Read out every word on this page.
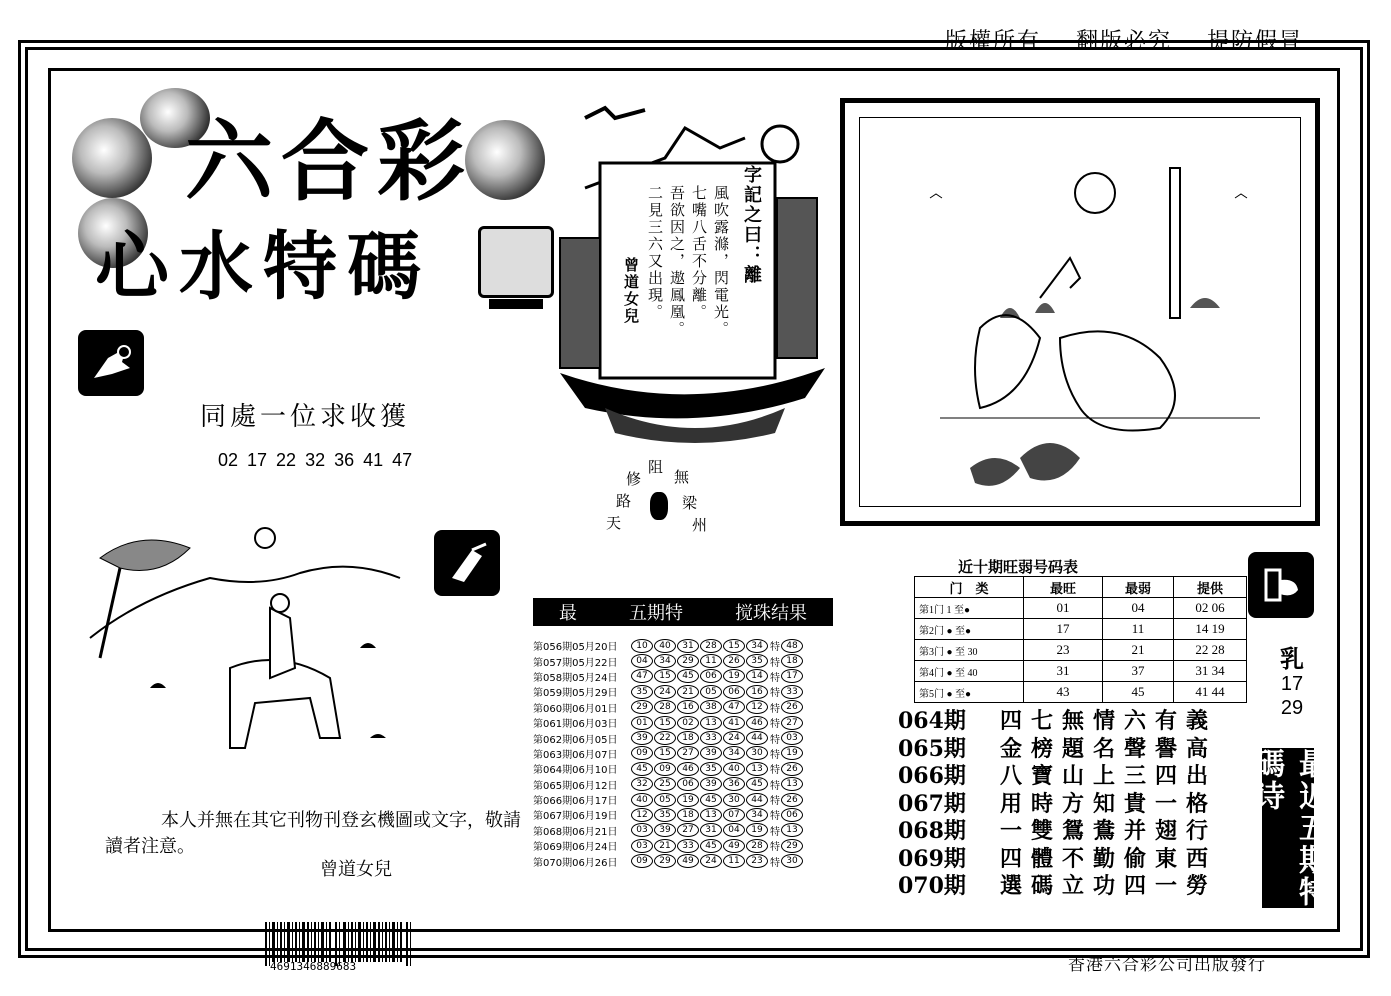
版權所有 翻版必究 提防假冒
六合彩
心水特碼
同處一位求收獲
02 17 22 32 36 41 47
字記之曰：離
風吹露滌，閃電光。
七嘴八舌不分離。
吾欲因之，遨鳳凰。
二見三六又出現。
曾道女兒
阻
無
修
路	梁
天	州
本人并無在其它刊物刊登玄機圖或文字，敬請讀者注意。
曾道女兒
4691346889683	香港六合彩公司出版發行
最	五期特	搅珠结果
第056期05月20日	10	40	31	28	15	34 特 48
第057期05月22日	04	34	29	11	26	35 特 18
第058期05月24日	47	15	45	06	19	14 特 17
第059期05月29日	35	24	21	05	06	16 特 33
第060期06月01日	29	28	16	38	47	12 特 26
第061期06月03日	01	15	02	13	41	46 特 27
第062期06月05日	39	22	18	33	24	44 特 03
第063期06月07日	09	15	27	39	34	30 特 19
第064期06月10日	45	09	46	35	40	13 特 26
第065期06月12日	32	25	06	39	36	45 特 13
第066期06月17日	40	05	19	45	30	44 特 26
第067期06月19日	12	35	18	13	07	34 特 06
第068期06月21日	03	39	27	31	04	19 特 13
第069期06月24日	03	21	33	45	49	28 特 29
第070期06月26日	09	29	49	24	11	23 特 30
近十期旺弱号码表
门　类	最旺	最弱	提供
第1门 1 至●	01	04	02 06
第2门 ● 至●	17	11	14 19
第3门 ● 至 30	23	21	22 28
第4门 ● 至 40	31	37	31 34
第5门 ● 至●	43	45	41 44
064期 四七無情六有義
065期 金榜題名聲譽高
066期 八寶山上三四出
067期 用時方知貴一格
068期 一雙鴛鴦并翅行
069期 四體不勤偷東西
070期 選碼立功四一勞
乳
17
29
最近五期特碼诗
